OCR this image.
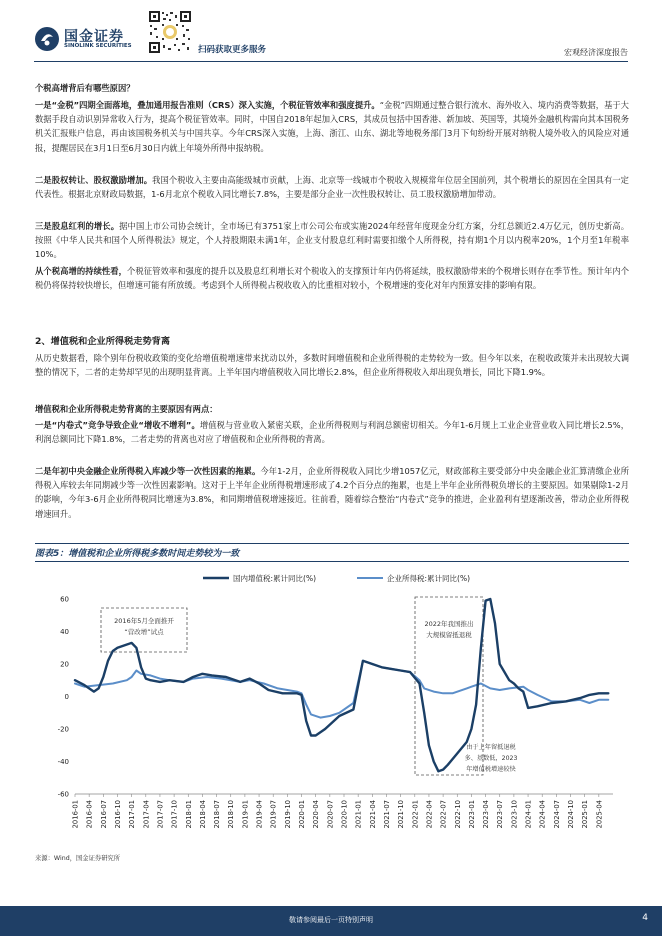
国金证券
SINOLINK SECURITIES	扫码获取更多服务	宏观经济深度报告
个税高增背后有哪些原因？

一是“金税”四期全面落地，叠加通用报告准则（CRS）深入实施，个税征管效率和强度提升。“金税”四期通过整合银行流水、海外收入、境内消费等数据，基于大数据手段自动识别异常收入行为，提高个税征管效率。同时，中国自2018年起加入CRS，其成员包括中国香港、新加坡、英国等，其境外金融机构需向其本国税务机关汇报账户信息，再由该国税务机关与中国共享。今年CRS深入实施，上海、浙江、山东、湖北等地税务部门3月下旬纷纷开展对纳税人境外收入的风险应对通报，提醒居民在3月1日至6月30日内就上年境外所得申报纳税。

二是股权转让、股权激励增加。我国个税收入主要由高能级城市贡献，上海、北京等一线城市个税收入规模常年位居全国前列，其个税增长的原因在全国具有一定代表性。根据北京财政局数据，1-6月北京个税收入同比增长7.8%，主要是部分企业一次性股权转让、员工股权激励增加带动。

三是股息红利的增长。据中国上市公司协会统计，全市场已有3751家上市公司公布或实施2024年经营年度现金分红方案，分红总额近2.4万亿元，创历史新高。按照《中华人民共和国个人所得税法》规定，个人持股期限未满1年，企业支付股息红利时需要扣缴个人所得税，持有期1个月以内税率20%，1个月至1年税率10%。

从个税高增的持续性看，个税征管效率和强度的提升以及股息红利增长对个税收入的支撑预计年内仍将延续，股权激励带来的个税增长则存在季节性。预计年内个税仍将保持较快增长，但增速可能有所放缓。考虑到个人所得税占税收收入的比重相对较小，个税增速的变化对年内预算安排的影响有限。

2、增值税和企业所得税走势背离

从历史数据看，除个别年份税收政策的变化给增值税增速带来扰动以外，多数时间增值税和企业所得税的走势较为一致。但今年以来，在税收政策并未出现较大调整的情况下，二者的走势却罕见的出现明显背离。上半年国内增值税收入同比增长2.8%，但企业所得税收入却出现负增长，同比下降1.9%。

增值税和企业所得税走势背离的主要原因有两点：

一是“内卷式”竞争导致企业“增收不增利”。增值税与营业收入紧密关联，企业所得税则与利润总额密切相关。今年1-6月规上工业企业营业收入同比增长2.5%，利润总额同比下降1.8%，二者走势的背离也对应了增值税和企业所得税的背离。

二是年初中央金融企业所得税入库减少等一次性因素的拖累。今年1-2月，企业所得税收入同比少增1057亿元，财政部称主要受部分中央金融企业汇算清缴企业所得税入库较去年同期减少等一次性因素影响。这对于上半年企业所得税增速形成了4.2个百分点的拖累，也是上半年企业所得税负增长的主要原因。如果剔除1-2月的影响，今年3-6月企业所得税同比增速为3.8%，和同期增值税增速接近。往前看，随着综合整治“内卷式”竞争的推进，企业盈利有望逐渐改善，带动企业所得税增速回升。

图表5：增值税和企业所得税多数时间走势较为一致
国内增值税:累计同比(%)	企业所得税:累计同比(%)
60
40
20
0
-20
-40
-60
2016年5月全面推开
“营改增”试点
2022年我国推出
大规模留抵退税
由于上年留抵退税
多、基数低，2023
年增值税增速较快
2016-01 2016-04 2016-07 2016-10 2017-01 2017-04 2017-07 2017-10 2018-01 2018-04 2018-07 2018-10 2019-01 2019-04 2019-07 2019-10 2020-01 2020-04 2020-07 2020-10 2021-01 2021-04 2021-07 2021-10 2022-01 2022-04 2022-07 2022-10 2023-01 2023-04 2023-07 2023-10 2024-01 2024-04 2024-07 2024-10 2025-01 2025-04
来源：Wind，国金证券研究所
敬请参阅最后一页特别声明	4
